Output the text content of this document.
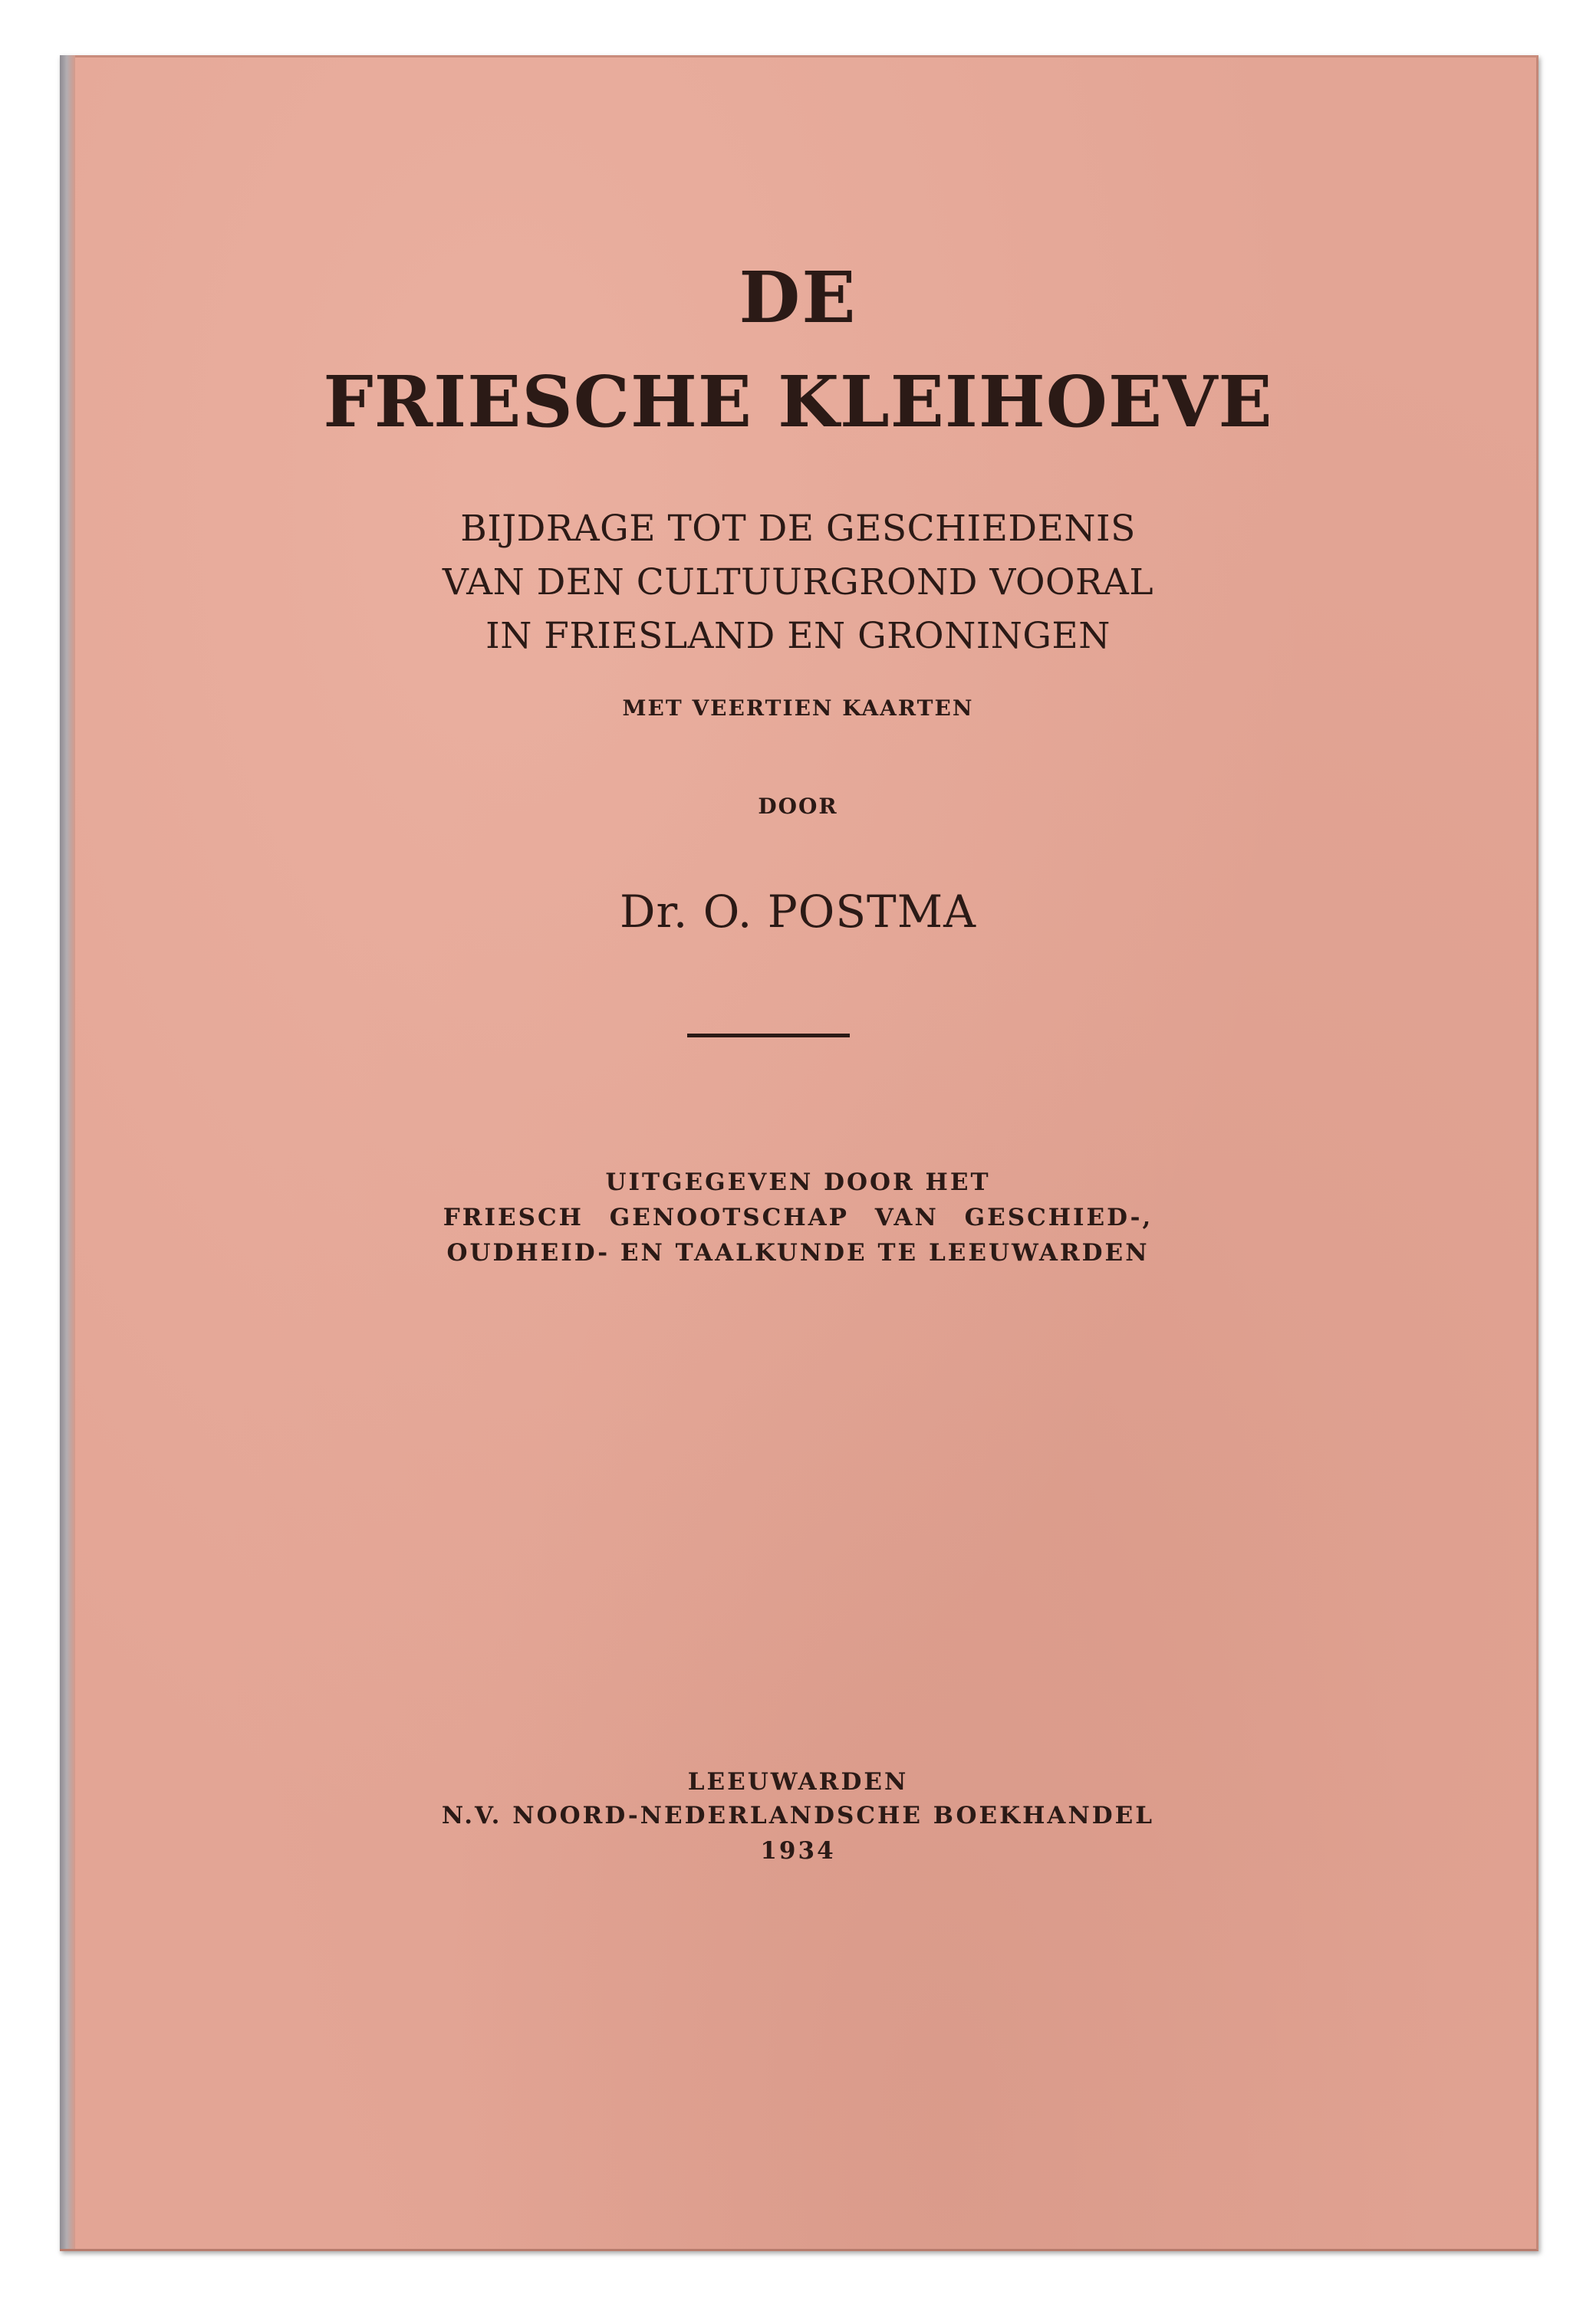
DE
FRIESCHE KLEIHOEVE

BIJDRAGE TOT DE GESCHIEDENIS

VAN DEN CULTUURGROND VOORAL

IN FRIESLAND EN GRONINGEN

MET VEERTIEN KAARTEN

DOOR

Dr. O. POSTMA

UITGEGEVEN DOOR HET

FRIESCH GENOOTSCHAP VAN GESCHIED-,

OUDHEID- EN TAALKUNDE TE LEEUWARDEN

LEEUWARDEN

N.V. NOORD-NEDERLANDSCHE BOEKHANDEL

1934
